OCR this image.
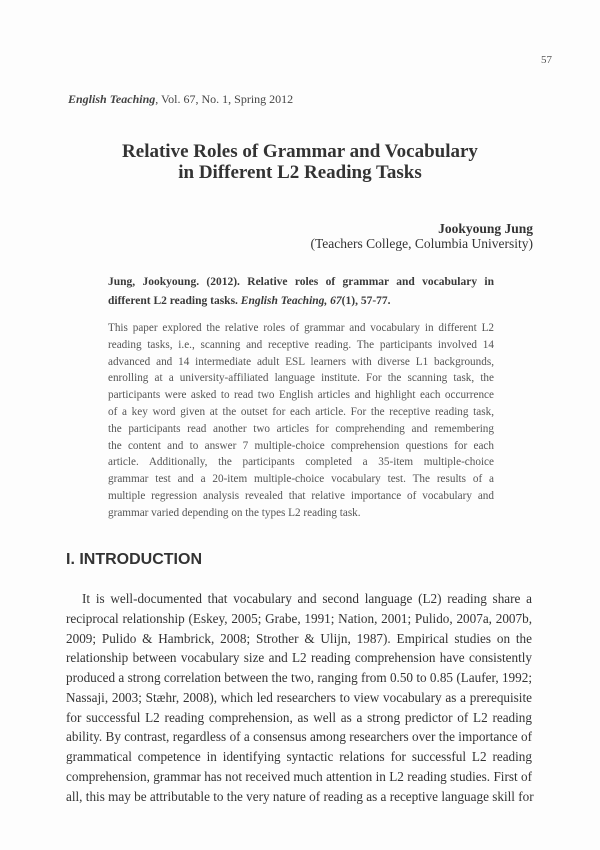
57
English Teaching, Vol. 67, No. 1, Spring 2012
Relative Roles of Grammar and Vocabulary
in Different L2 Reading Tasks
Jookyoung Jung
(Teachers College, Columbia University)
Jung, Jookyoung. (2012). Relative roles of grammar and vocabulary in
different L2 reading tasks. English Teaching, 67(1), 57-77.
This paper explored the relative roles of grammar and vocabulary in different L2
reading tasks, i.e., scanning and receptive reading. The participants involved 14
advanced and 14 intermediate adult ESL learners with diverse L1 backgrounds,
enrolling at a university-affiliated language institute. For the scanning task, the
participants were asked to read two English articles and highlight each occurrence
of a key word given at the outset for each article. For the receptive reading task,
the participants read another two articles for comprehending and remembering
the content and to answer 7 multiple-choice comprehension questions for each
article. Additionally, the participants completed a 35-item multiple-choice
grammar test and a 20-item multiple-choice vocabulary test. The results of a
multiple regression analysis revealed that relative importance of vocabulary and
grammar varied depending on the types L2 reading task.
I. INTRODUCTION
It is well-documented that vocabulary and second language (L2) reading share a
reciprocal relationship (Eskey, 2005; Grabe, 1991; Nation, 2001; Pulido, 2007a, 2007b,
2009; Pulido & Hambrick, 2008; Strother & Ulijn, 1987). Empirical studies on the
relationship between vocabulary size and L2 reading comprehension have consistently
produced a strong correlation between the two, ranging from 0.50 to 0.85 (Laufer, 1992;
Nassaji, 2003; Stæhr, 2008), which led researchers to view vocabulary as a prerequisite
for successful L2 reading comprehension, as well as a strong predictor of L2 reading
ability. By contrast, regardless of a consensus among researchers over the importance of
grammatical competence in identifying syntactic relations for successful L2 reading
comprehension, grammar has not received much attention in L2 reading studies. First of
all, this may be attributable to the very nature of reading as a receptive language skill for
